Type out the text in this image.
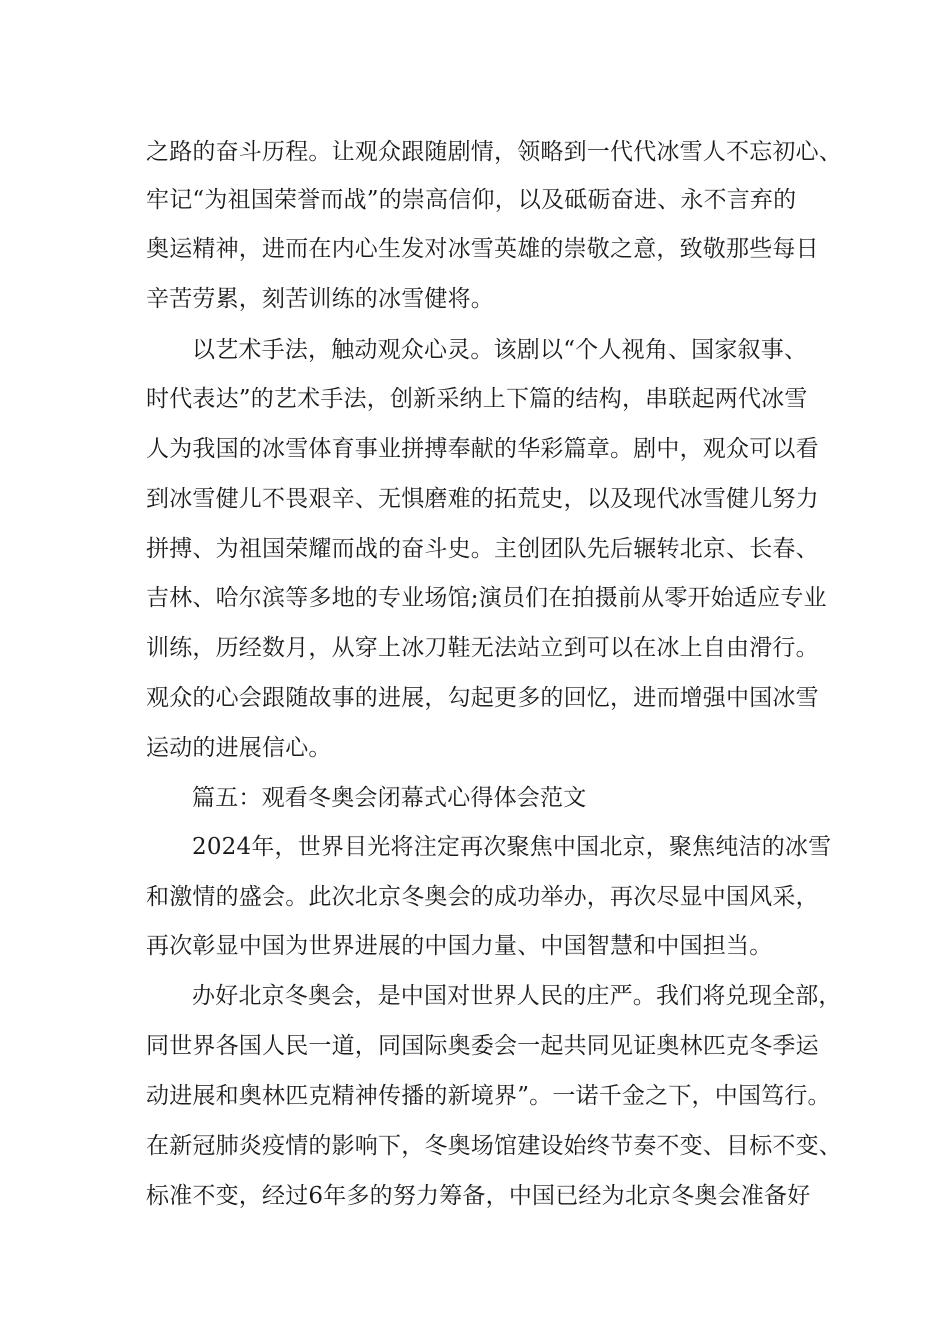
之路的奋斗历程。让观众跟随剧情，领略到一代代冰雪人不忘初心、
牢记“为祖国荣誉而战”的崇高信仰，以及砥砺奋进、永不言弃的
奥运精神，进而在内心生发对冰雪英雄的崇敬之意，致敬那些每日
辛苦劳累，刻苦训练的冰雪健将。
以艺术手法，触动观众心灵。该剧以“个人视角、国家叙事、
时代表达”的艺术手法，创新采纳上下篇的结构，串联起两代冰雪
人为我国的冰雪体育事业拼搏奉献的华彩篇章。剧中，观众可以看
到冰雪健儿不畏艰辛、无惧磨难的拓荒史，以及现代冰雪健儿努力
拼搏、为祖国荣耀而战的奋斗史。主创团队先后辗转北京、长春、
吉林、哈尔滨等多地的专业场馆;演员们在拍摄前从零开始适应专业
训练，历经数月，从穿上冰刀鞋无法站立到可以在冰上自由滑行。
观众的心会跟随故事的进展，勾起更多的回忆，进而增强中国冰雪
运动的进展信心。
篇五：观看冬奥会闭幕式心得体会范文
2024年，世界目光将注定再次聚焦中国北京，聚焦纯洁的冰雪
和激情的盛会。此次北京冬奥会的成功举办，再次尽显中国风采，
再次彰显中国为世界进展的中国力量、中国智慧和中国担当。
办好北京冬奥会，是中国对世界人民的庄严。我们将兑现全部，
同世界各国人民一道，同国际奥委会一起共同见证奥林匹克冬季运
动进展和奥林匹克精神传播的新境界”。一诺千金之下，中国笃行。
在新冠肺炎疫情的影响下，冬奥场馆建设始终节奏不变、目标不变、
标准不变，经过6年多的努力筹备，中国已经为北京冬奥会准备好
